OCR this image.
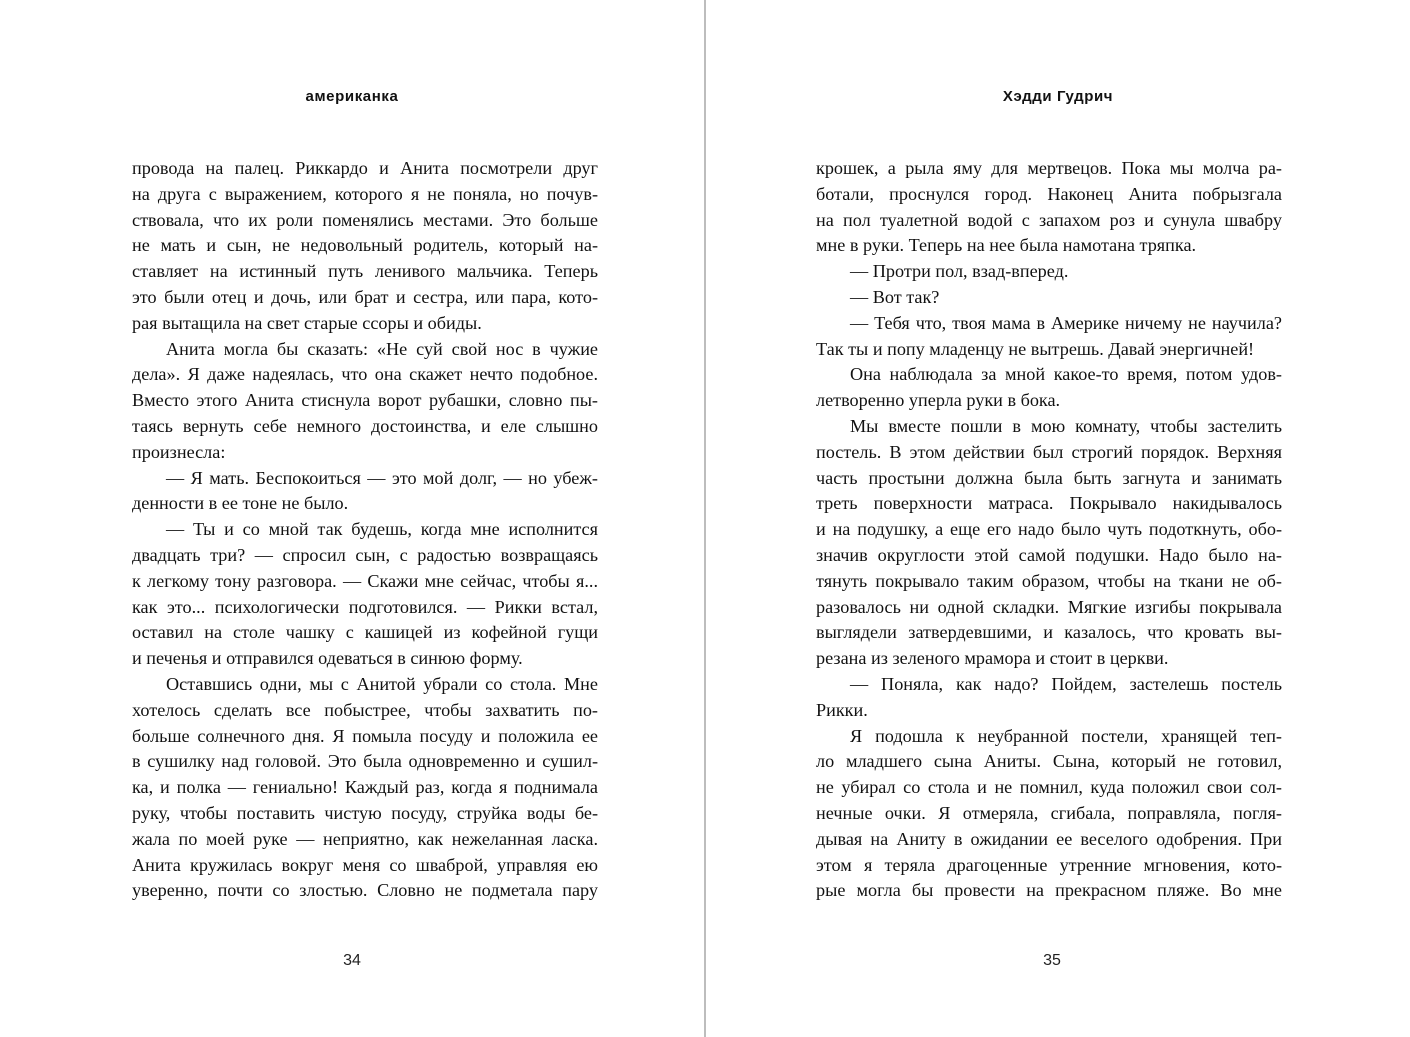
американка
провода на палец. Риккардо и Анита посмотрели друг
на друга с выражением, которого я не поняла, но почув-
ствовала, что их роли поменялись местами. Это больше
не мать и сын, не недовольный родитель, который на-
ставляет на истинный путь ленивого мальчика. Теперь
это были отец и дочь, или брат и сестра, или пара, кото-
рая вытащила на свет старые ссоры и обиды.
Анита могла бы сказать: «Не суй свой нос в чужие
дела». Я даже надеялась, что она скажет нечто подобное.
Вместо этого Анита стиснула ворот рубашки, словно пы-
таясь вернуть себе немного достоинства, и еле слышно
произнесла:
— Я мать. Беспокоиться — это мой долг, — но убеж-
денности в ее тоне не было.
— Ты и со мной так будешь, когда мне исполнится
двадцать три? — спросил сын, с радостью возвращаясь
к легкому тону разговора. — Скажи мне сейчас, чтобы я...
как это... психологически подготовился. — Рикки встал,
оставил на столе чашку с кашицей из кофейной гущи
и печенья и отправился одеваться в синюю форму.
Оставшись одни, мы с Анитой убрали со стола. Мне
хотелось сделать все побыстрее, чтобы захватить по-
больше солнечного дня. Я помыла посуду и положила ее
в сушилку над головой. Это была одновременно и сушил-
ка, и полка — гениально! Каждый раз, когда я поднимала
руку, чтобы поставить чистую посуду, струйка воды бе-
жала по моей руке — неприятно, как нежеланная ласка.
Анита кружилась вокруг меня со шваброй, управляя ею
уверенно, почти со злостью. Словно не подметала пару
34
Хэдди Гудрич
крошек, а рыла яму для мертвецов. Пока мы молча ра-
ботали, проснулся город. Наконец Анита побрызгала
на пол туалетной водой с запахом роз и сунула швабру
мне в руки. Теперь на нее была намотана тряпка.
— Протри пол, взад-вперед.
— Вот так?
— Тебя что, твоя мама в Америке ничему не научила?
Так ты и попу младенцу не вытрешь. Давай энергичней!
Она наблюдала за мной какое-то время, потом удов-
летворенно уперла руки в бока.
Мы вместе пошли в мою комнату, чтобы застелить
постель. В этом действии был строгий порядок. Верхняя
часть простыни должна была быть загнута и занимать
треть поверхности матраса. Покрывало накидывалось
и на подушку, а еще его надо было чуть подоткнуть, обо-
значив округлости этой самой подушки. Надо было на-
тянуть покрывало таким образом, чтобы на ткани не об-
разовалось ни одной складки. Мягкие изгибы покрывала
выглядели затвердевшими, и казалось, что кровать вы-
резана из зеленого мрамора и стоит в церкви.
— Поняла, как надо? Пойдем, застелешь постель
Рикки.
Я подошла к неубранной постели, хранящей теп-
ло младшего сына Аниты. Сына, который не готовил,
не убирал со стола и не помнил, куда положил свои сол-
нечные очки. Я отмеряла, сгибала, поправляла, погля-
дывая на Аниту в ожидании ее веселого одобрения. При
этом я теряла драгоценные утренние мгновения, кото-
рые могла бы провести на прекрасном пляже. Во мне
35
